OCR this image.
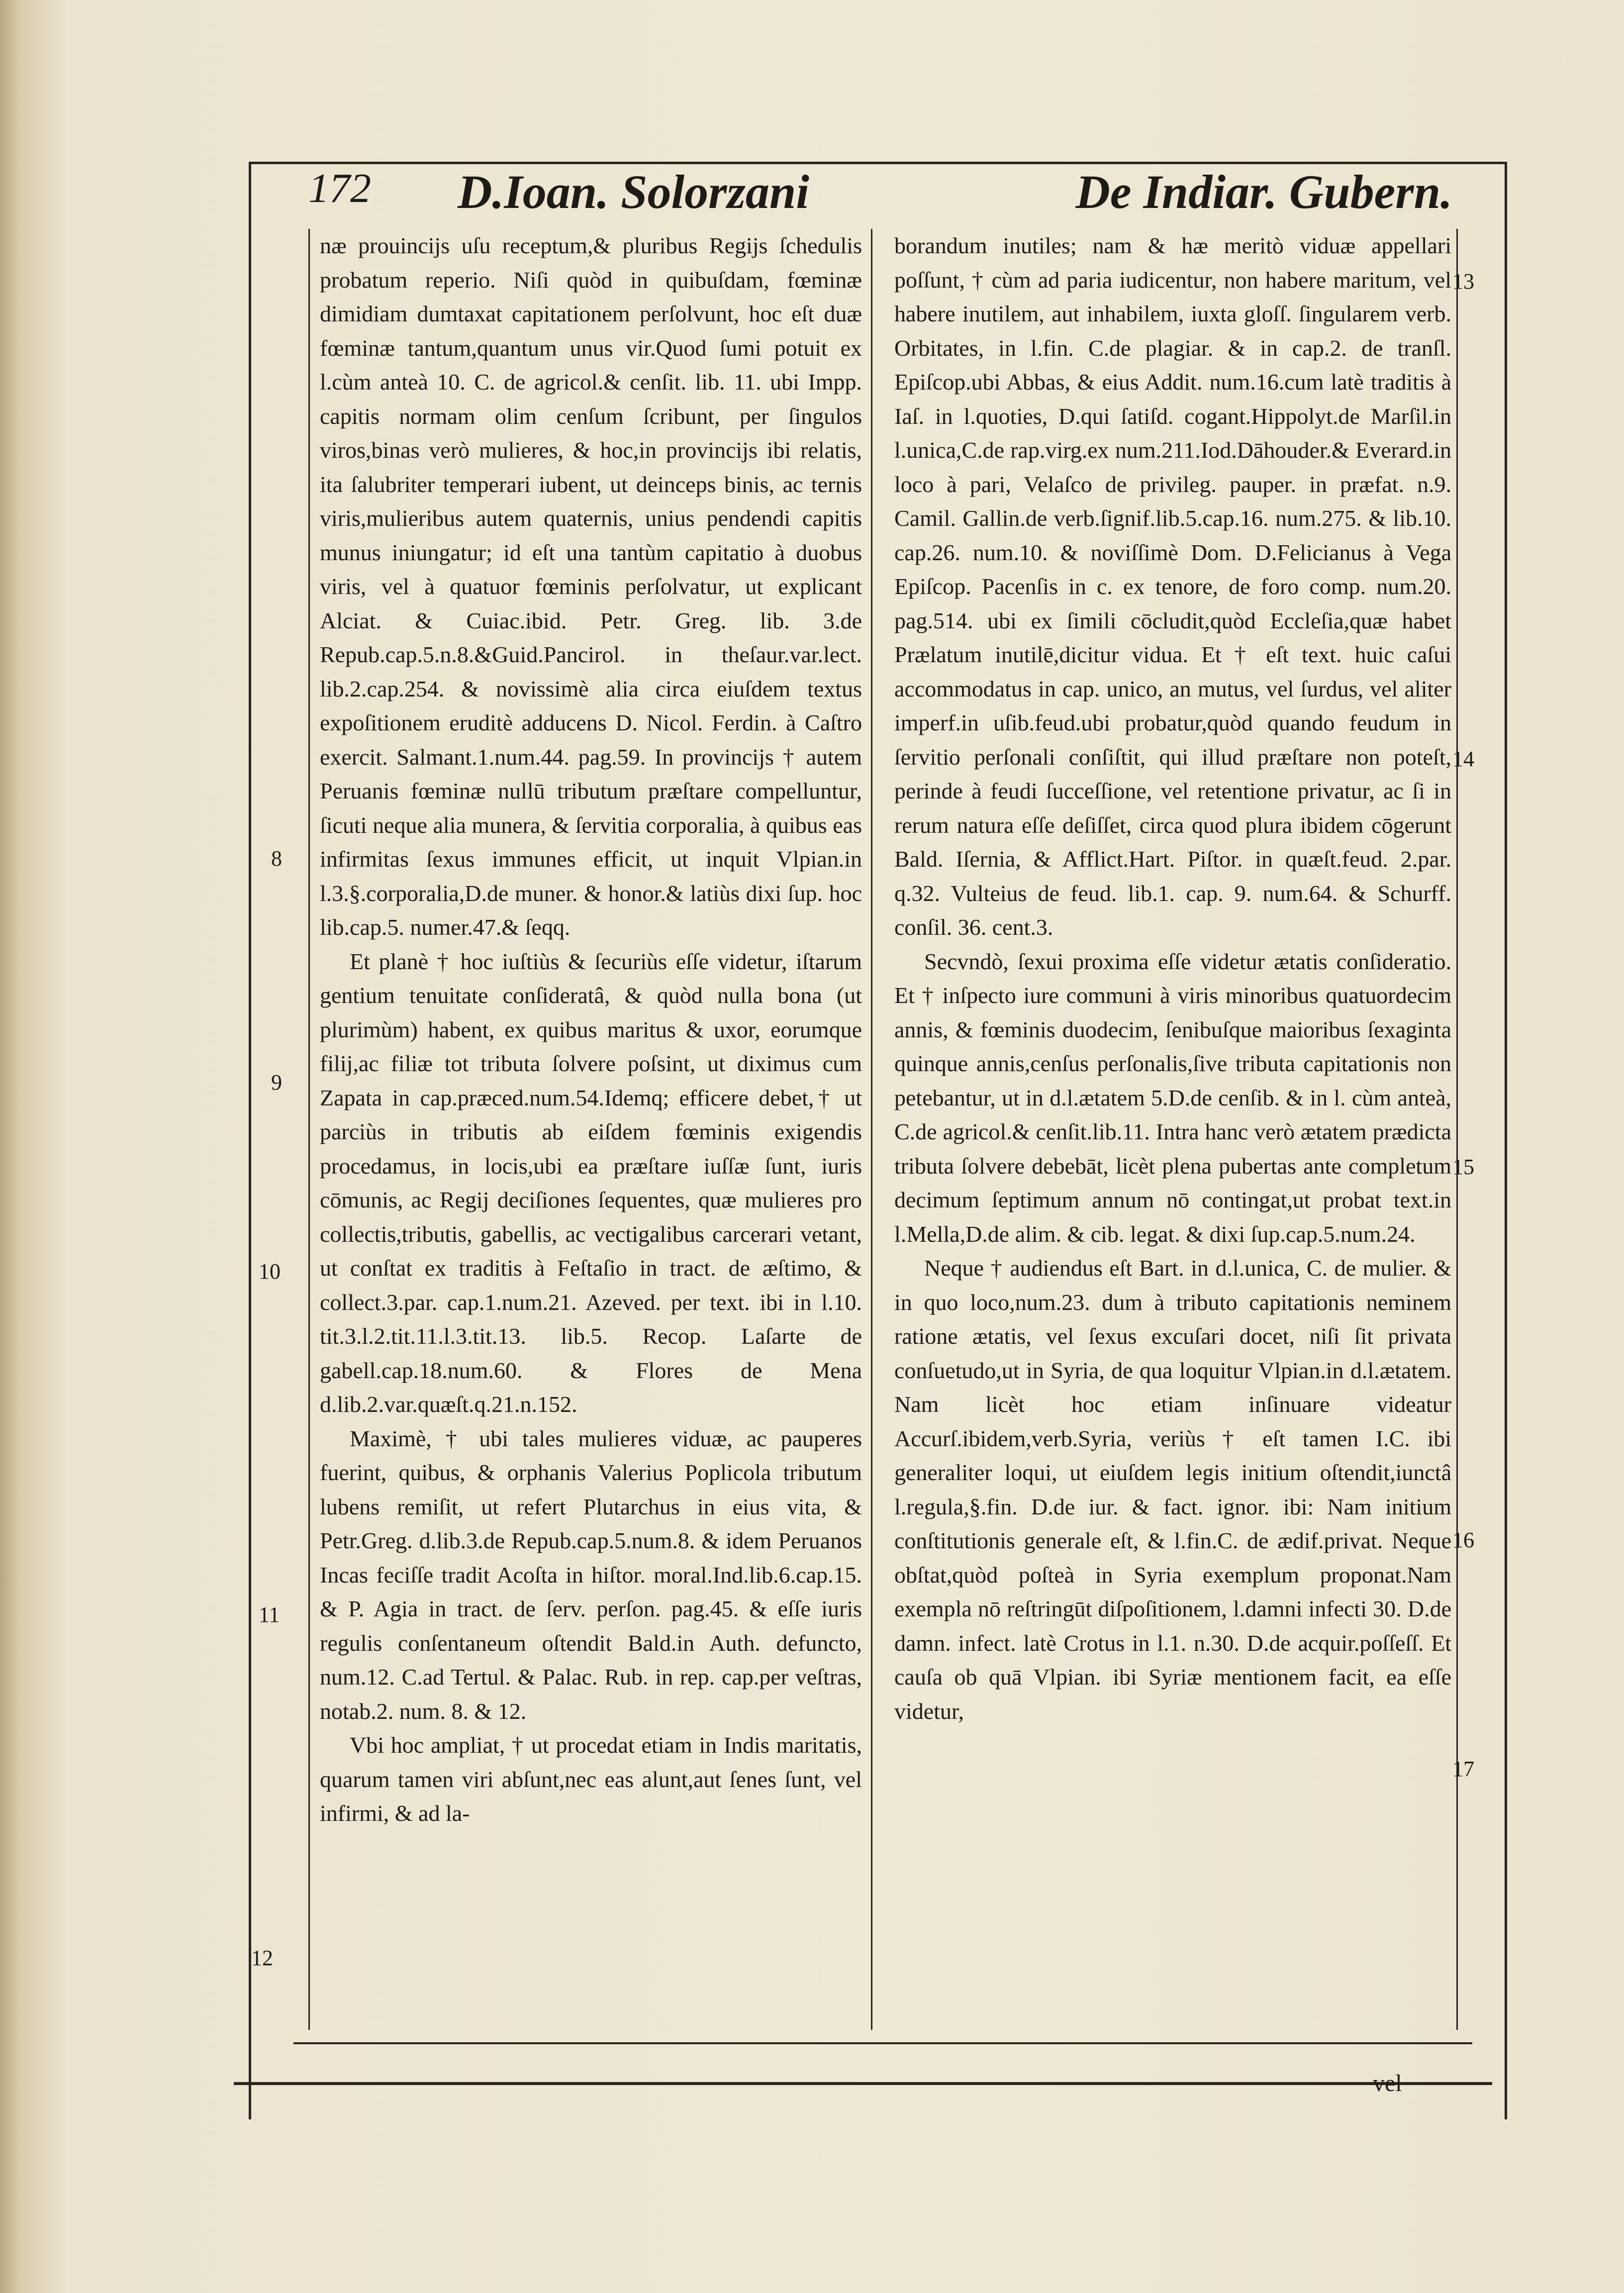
172 D.Ioan. Solorzani	De Indiar. Gubern.

næ prouincijs uſu receptum,& pluribus Regijs ſchedulis probatum reperio. Niſi quòd in quibuſdam, fœminæ dimidiam dumtaxat capitationem perſolvunt, hoc eſt duæ fœminæ tantum,quantum unus vir.Quod ſumi potuit ex l.cùm anteà 10. C. de agricol.& cenſit. lib. 11. ubi Impp. capitis normam olim cenſum ſcribunt, per ſingulos viros,binas verò mulieres, & hoc,in provincijs ibi relatis, ita ſalubriter temperari iubent, ut deinceps binis, ac ternis viris,mulieribus autem quaternis, unius pendendi capitis munus iniungatur; id eſt una tantùm capitatio à duobus viris, vel à quatuor fœminis perſolvatur, ut explicant Alciat. & Cuiac.ibid. Petr. Greg. lib. 3.de Repub.cap.5.n.8.&Guid.Pancirol. in theſaur.var.lect. lib.2.cap.254. & novissimè alia circa eiuſdem textus expoſitionem eruditè adducens D. Nicol. Ferdin. à Caſtro exercit. Salmant.1.num.44. pag.59. In provincijs † autem Peruanis fœminæ nullū tributum præſtare compelluntur, ſicuti neque alia munera, & ſervitia corporalia, à quibus eas infirmitas ſexus immunes efficit, ut inquit Vlpian.in l.3.§.corporalia,D.de muner. & honor.& latiùs dixi ſup. hoc lib.cap.5. numer.47.& ſeqq.

Et planè † hoc iuſtiùs & ſecuriùs eſſe videtur, iſtarum gentium tenuitate conſideratâ, & quòd nulla bona (ut plurimùm) habent, ex quibus maritus & uxor, eorumque filij,ac filiæ tot tributa ſolvere poſsint, ut diximus cum Zapata in cap.præced.num.54.Idemq; efficere debet,† ut parciùs in tributis ab eiſdem fœminis exigendis procedamus, in locis,ubi ea præſtare iuſſæ ſunt, iuris cōmunis, ac Regij deciſiones ſequentes, quæ mulieres pro collectis,tributis, gabellis, ac vectigalibus carcerari vetant, ut conſtat ex traditis à Feſtaſio in tract. de æſtimo, & collect.3.par. cap.1.num.21. Azeved. per text. ibi in l.10. tit.3.l.2.tit.11.l.3.tit.13. lib.5. Recop. Laſarte de gabell.cap.18.num.60. & Flores de Mena d.lib.2.var.quæſt.q.21.n.152.

Maximè, † ubi tales mulieres viduæ, ac pauperes fuerint, quibus, & orphanis Valerius Poplicola tributum lubens remiſit, ut refert Plutarchus in eius vita, & Petr.Greg. d.lib.3.de Repub.cap.5.num.8. & idem Peruanos Incas feciſſe tradit Acoſta in hiſtor. moral.Ind.lib.6.cap.15. & P. Agia in tract. de ſerv. perſon. pag.45. & eſſe iuris regulis conſentaneum oſtendit Bald.in Auth. defuncto, num.12. C.ad Tertul. & Palac. Rub. in rep. cap.per veſtras, notab.2. num. 8. & 12.

Vbi hoc ampliat, † ut procedat etiam in Indis maritatis, quarum tamen viri abſunt,nec eas alunt,aut ſenes ſunt, vel infirmi, & ad la-

borandum inutiles; nam & hæ meritò viduæ appellari poſſunt, † cùm ad paria iudicentur, non habere maritum, vel habere inutilem, aut inhabilem, iuxta gloſſ. ſingularem verb. Orbitates, in l.fin. C.de plagiar. & in cap.2. de tranſl. Epiſcop.ubi Abbas, & eius Addit. num.16.cum latè traditis à Iaſ. in l.quoties, D.qui ſatiſd. cogant.Hippolyt.de Marſil.in l.unica,C.de rap.virg.ex num.211.Iod.Dāhouder.& Everard.in loco à pari, Velaſco de privileg. pauper. in præfat. n.9. Camil. Gallin.de verb.ſignif.lib.5.cap.16. num.275. & lib.10. cap.26. num.10. & noviſſimè Dom. D.Felicianus à Vega Epiſcop. Pacenſis in c. ex tenore, de foro comp. num.20. pag.514. ubi ex ſimili cōcludit,quòd Eccleſia,quæ habet Prælatum inutilē,dicitur vidua. Et † eſt text. huic caſui accommodatus in cap. unico, an mutus, vel ſurdus, vel aliter imperf.in uſib.feud.ubi probatur,quòd quando feudum in ſervitio perſonali conſiſtit, qui illud præſtare non poteſt, perinde à feudi ſucceſſione, vel retentione privatur, ac ſi in rerum natura eſſe deſiſſet, circa quod plura ibidem cōgerunt Bald. Iſernia, & Afflict.Hart. Piſtor. in quæſt.feud. 2.par. q.32. Vulteius de feud. lib.1. cap. 9. num.64. & Schurff. conſil. 36. cent.3.

Secvndò, ſexui proxima eſſe videtur ætatis conſideratio. Et † inſpecto iure communi à viris minoribus quatuordecim annis, & fœminis duodecim, ſenibuſque maioribus ſexaginta quinque annis,cenſus perſonalis,ſive tributa capitationis non petebantur, ut in d.l.ætatem 5.D.de cenſib. & in l. cùm anteà, C.de agricol.& cenſit.lib.11. Intra hanc verò ætatem prædicta tributa ſolvere debebāt, licèt plena pubertas ante completum decimum ſeptimum annum nō contingat,ut probat text.in l.Mella,D.de alim. & cib. legat. & dixi ſup.cap.5.num.24.

Neque † audiendus eſt Bart. in d.l.unica, C. de mulier. & in quo loco,num.23. dum à tributo capitationis neminem ratione ætatis, vel ſexus excuſari docet, niſi ſit privata conſuetudo,ut in Syria, de qua loquitur Vlpian.in d.l.ætatem. Nam licèt hoc etiam inſinuare videatur Accurſ.ibidem,verb.Syria, veriùs † eſt tamen I.C. ibi generaliter loqui, ut eiuſdem legis initium oſtendit,iunctâ l.regula,§.fin. D.de iur. & fact. ignor. ibi: Nam initium conſtitutionis generale eſt, & l.fin.C. de ædif.privat. Neque obſtat,quòd poſteà in Syria exemplum proponat.Nam exempla nō reſtringūt diſpoſitionem, l.damni infecti 30. D.de damn. infect. latè Crotus in l.1. n.30. D.de acquir.poſſeſſ. Et cauſa ob quā Vlpian. ibi Syriæ mentionem facit, ea eſſe videtur,

8
9
10
11
12
13
14
15
16
17
vel
